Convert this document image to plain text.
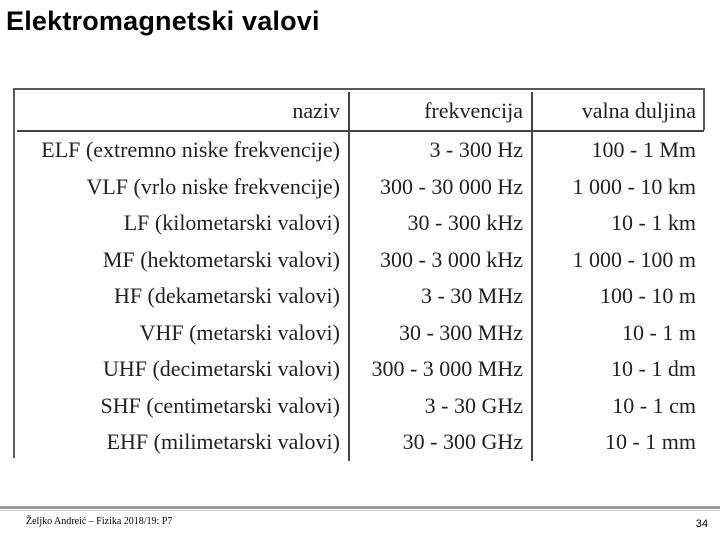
Elektromagnetski valovi
naziv	frekvencija	valna duljina
ELF (extremno niske frekvencije)	3 - 300 Hz	100 - 1 Mm
VLF (vrlo niske frekvencije)	300 - 30 000 Hz	1 000 - 10 km
LF (kilometarski valovi)	30 - 300 kHz	10 - 1 km
MF (hektometarski valovi)	300 - 3 000 kHz	1 000 - 100 m
HF (dekametarski valovi)	3 - 30 MHz	100 - 10 m
VHF (metarski valovi)	30 - 300 MHz	10 - 1 m
UHF (decimetarski valovi)	300 - 3 000 MHz	10 - 1 dm
SHF (centimetarski valovi)	3 - 30 GHz	10 - 1 cm
EHF (milimetarski valovi)	30 - 300 GHz	10 - 1 mm
Željko Andreić – Fizika 2018/19: P7	34
